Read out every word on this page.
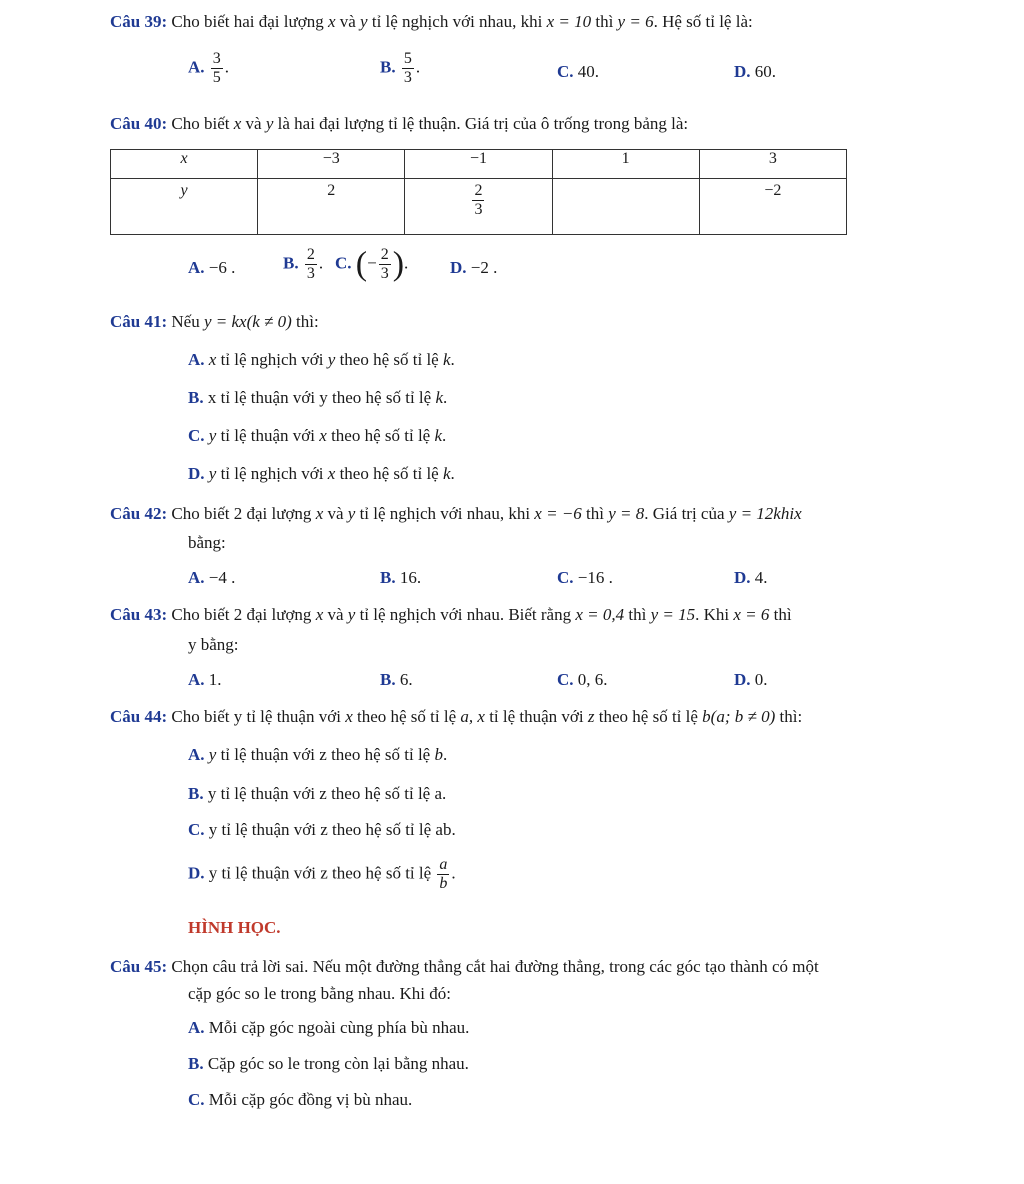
Câu 39: Cho biết hai đại lượng x và y tỉ lệ nghịch với nhau, khi x = 10 thì y = 6. Hệ số tỉ lệ là:
A. $\frac{3}{5}$ .	B. $\frac{5}{3}$ .	C. 40.	D. 60.
Câu 40: Cho biết x và y là hai đại lượng tỉ lệ thuận. Giá trị của ô trống trong bảng là:
x	−3	−1	1	3
y	2	$\frac{2}{3}$		−2
A. −6 .	B. $\frac{2}{3}$ . C. (− $\frac{2}{3}$ ). D. −2 .
Câu 41: Nếu y = kx(k ≠ 0) thì:
A. x tỉ lệ nghịch với y theo hệ số tỉ lệ k.
B. x tỉ lệ thuận với y theo hệ số tỉ lệ k.
C. y tỉ lệ thuận với x theo hệ số tỉ lệ k.
D. y tỉ lệ nghịch với x theo hệ số tỉ lệ k.
Câu 42: Cho biết 2 đại lượng x và y tỉ lệ nghịch với nhau, khi x = −6 thì y = 8. Giá trị của y = 12khix
bằng:
A. −4 .	B. 16.	C. −16 .	D. 4.
Câu 43: Cho biết 2 đại lượng x và y tỉ lệ nghịch với nhau. Biết rằng x = 0,4 thì y = 15. Khi x = 6 thì
y bằng:
A. 1.	B. 6.	C. 0, 6.	D. 0.
Câu 44: Cho biết y tỉ lệ thuận với x theo hệ số tỉ lệ a, x tỉ lệ thuận với z theo hệ số tỉ lệ b(a; b ≠ 0) thì:
A. y tỉ lệ thuận với z theo hệ số tỉ lệ b.
B. y tỉ lệ thuận với z theo hệ số tỉ lệ a.
C. y tỉ lệ thuận với z theo hệ số tỉ lệ ab.
D. y tỉ lệ thuận với z theo hệ số tỉ lệ $\frac{a}{b}$ .
HÌNH HỌC.
Câu 45: Chọn câu trả lời sai. Nếu một đường thẳng cắt hai đường thẳng, trong các góc tạo thành có một
cặp góc so le trong bằng nhau. Khi đó:
A. Mỗi cặp góc ngoài cùng phía bù nhau.
B. Cặp góc so le trong còn lại bằng nhau.
C. Mỗi cặp góc đồng vị bù nhau.
